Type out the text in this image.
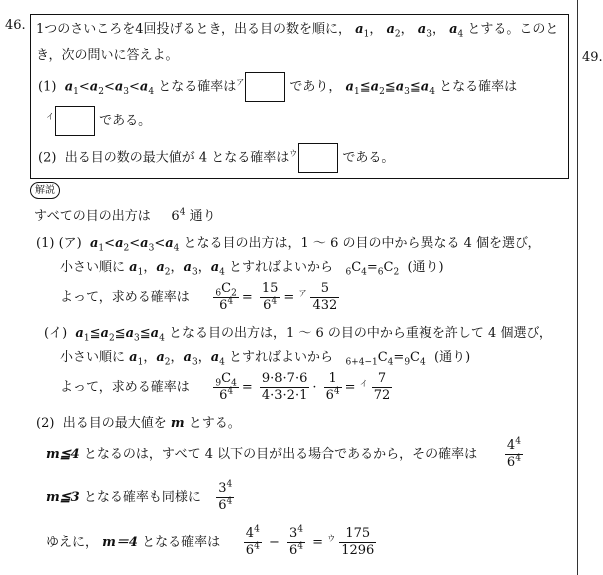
46.
49.
1つのさいころを4回投げるとき，出る目の数を順に， $a_1$， $a_2$， $a_3$， $a_4$ とする。このと
き，次の問いに答えよ。
(1) $a_1<a_2<a_3<a_4$ となる確率は$^ア$	であり， $a_1≦a_2≦a_3≦a_4$ となる確率は
$^イ$	である。
(2) 出る目の数の最大値が 4 となる確率は$^ウ$	である。
解説
すべての目の出方は $6^4$ 通り
(1) (ア) $a_1<a_2<a_3<a_4$ となる目の出方は，1 ～ 6 の目の中から異なる 4 個を選び，
小さい順に $a_1$，$a_2$，$a_3$，$a_4$ とすればよいから $_6C_4=_6C_2$ (通り)
よって，求める確率は	$\frac{_6C_2}{6^4} = \frac{15}{6^4} = ^ア \frac{5}{432}$
(イ) $a_1≦a_2≦a_3≦a_4$ となる目の出方は，1 ～ 6 の目の中から重複を許して 4 個選び，
小さい順に $a_1$，$a_2$，$a_3$，$a_4$ とすればよいから $_{6+4-1}C_4=_9C_4$ (通り)
よって，求める確率は	$\frac{_9C_4}{6^4} = \frac{9\cdot 8\cdot 7\cdot 6}{4\cdot 3\cdot 2\cdot 1} \cdot \frac{1}{6^4} = ^イ \frac{7}{72}$
(2) 出る目の最大値を m とする。
m≦4 となるのは，すべて 4 以下の目が出る場合であるから，その確率は $\frac{4^4}{6^4}$
m≦3 となる確率も同様に $\frac{3^4}{6^4}$
ゆえに， m＝4 となる確率は $\frac{4^4}{6^4} - \frac{3^4}{6^4} = ^ウ \frac{175}{1296}$
